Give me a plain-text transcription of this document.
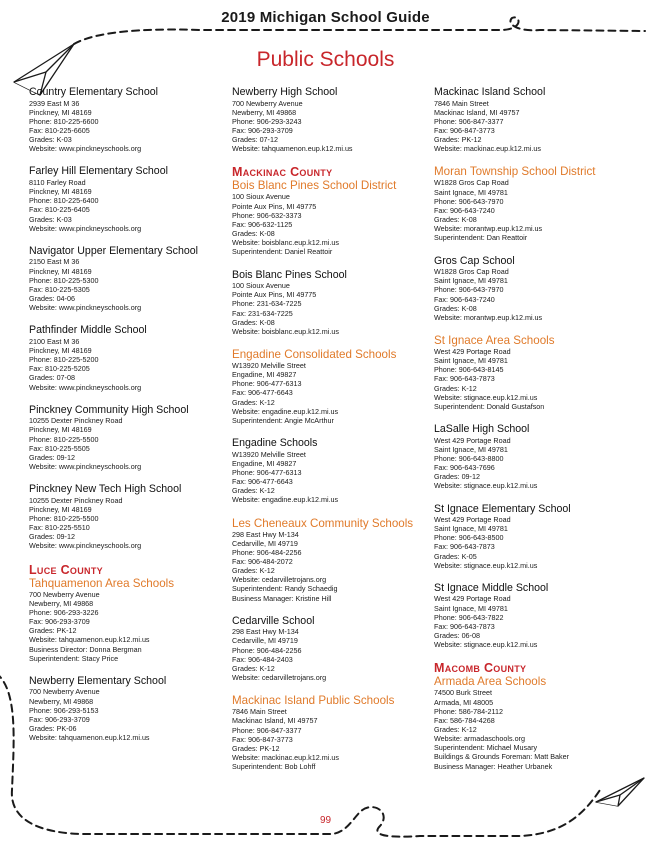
2019 Michigan School Guide
Public Schools
Country Elementary School
2939 East M 36
Pinckney, MI 48169
Phone: 810-225-6600
Fax: 810-225-6605
Grades: K-03
Website: www.pinckneyschools.org
Farley Hill Elementary School
8110 Farley Road
Pinckney, MI 48169
Phone: 810-225-6400
Fax: 810-225-6405
Grades: K-03
Website: www.pinckneyschools.org
Navigator Upper Elementary School
2150 East M 36
Pinckney, MI 48169
Phone: 810-225-5300
Fax: 810-225-5305
Grades: 04-06
Website: www.pinckneyschools.org
Pathfinder Middle School
2100 East M 36
Pinckney, MI 48169
Phone: 810-225-5200
Fax: 810-225-5205
Grades: 07-08
Website: www.pinckneyschools.org
Pinckney Community High School
10255 Dexter Pinckney Road
Pinckney, MI 48169
Phone: 810-225-5500
Fax: 810-225-5505
Grades: 09-12
Website: www.pinckneyschools.org
Pinckney New Tech High School
10255 Dexter Pinckney Road
Pinckney, MI 48169
Phone: 810-225-5500
Fax: 810-225-5510
Grades: 09-12
Website: www.pinckneyschools.org
Luce County
Tahquamenon Area Schools
700 Newberry Avenue
Newberry, MI 49868
Phone: 906-293-3226
Fax: 906-293-3709
Grades: PK-12
Website: tahquamenon.eup.k12.mi.us
Business Director: Donna Bergman
Superintendent: Stacy Price
Newberry Elementary School
700 Newberry Avenue
Newberry, MI 49868
Phone: 906-293-5153
Fax: 906-293-3709
Grades: PK-06
Website: tahquamenon.eup.k12.mi.us
Newberry High School
700 Newberry Avenue
Newberry, MI 49868
Phone: 906-293-3243
Fax: 906-293-3709
Grades: 07-12
Website: tahquamenon.eup.k12.mi.us
Mackinac County
Bois Blanc Pines School District
100 Sioux Avenue
Pointe Aux Pins, MI 49775
Phone: 906-632-3373
Fax: 906-632-1125
Grades: K-08
Website: boisblanc.eup.k12.mi.us
Superintendent: Daniel Reattoir
Bois Blanc Pines School
100 Sioux Avenue
Pointe Aux Pins, MI 49775
Phone: 231-634-7225
Fax: 231-634-7225
Grades: K-08
Website: boisblanc.eup.k12.mi.us
Engadine Consolidated Schools
W13920 Melville Street
Engadine, MI 49827
Phone: 906-477-6313
Fax: 906-477-6643
Grades: K-12
Website: engadine.eup.k12.mi.us
Superintendent: Angie McArthur
Engadine Schools
W13920 Melville Street
Engadine, MI 49827
Phone: 906-477-6313
Fax: 906-477-6643
Grades: K-12
Website: engadine.eup.k12.mi.us
Les Cheneaux Community Schools
298 East Hwy M-134
Cedarville, MI 49719
Phone: 906-484-2256
Fax: 906-484-2072
Grades: K-12
Website: cedarvilletrojans.org
Superintendent: Randy Schaedig
Business Manager: Kristine Hill
Cedarville School
298 East Hwy M-134
Cedarville, MI 49719
Phone: 906-484-2256
Fax: 906-484-2403
Grades: K-12
Website: cedarvilletrojans.org
Mackinac Island Public Schools
7846 Main Street
Mackinac Island, MI 49757
Phone: 906-847-3377
Fax: 906-847-3773
Grades: PK-12
Website: mackinac.eup.k12.mi.us
Superintendent: Bob Lohff
Mackinac Island School
7846 Main Street
Mackinac Island, MI 49757
Phone: 906-847-3377
Fax: 906-847-3773
Grades: PK-12
Website: mackinac.eup.k12.mi.us
Moran Township School District
W1828 Gros Cap Road
Saint Ignace, MI 49781
Phone: 906-643-7970
Fax: 906-643-7240
Grades: K-08
Website: morantwp.eup.k12.mi.us
Superintendent: Dan Reattoir
Gros Cap School
W1828 Gros Cap Road
Saint Ignace, MI 49781
Phone: 906-643-7970
Fax: 906-643-7240
Grades: K-08
Website: morantwp.eup.k12.mi.us
St Ignace Area Schools
West 429 Portage Road
Saint Ignace, MI 49781
Phone: 906-643-8145
Fax: 906-643-7873
Grades: K-12
Website: stignace.eup.k12.mi.us
Superintendent: Donald Gustafson
LaSalle High School
West 429 Portage Road
Saint Ignace, MI 49781
Phone: 906-643-8800
Fax: 906-643-7696
Grades: 09-12
Website: stignace.eup.k12.mi.us
St Ignace Elementary School
West 429 Portage Road
Saint Ignace, MI 49781
Phone: 906-643-8500
Fax: 906-643-7873
Grades: K-05
Website: stignace.eup.k12.mi.us
St Ignace Middle School
West 429 Portage Road
Saint Ignace, MI 49781
Phone: 906-643-7822
Fax: 906-643-7873
Grades: 06-08
Website: stignace.eup.k12.mi.us
Macomb County
Armada Area Schools
74500 Burk Street
Armada, MI 48005
Phone: 586-784-2112
Fax: 586-784-4268
Grades: K-12
Website: armadaschools.org
Superintendent: Michael Musary
Buildings & Grounds Foreman: Matt Baker
Business Manager: Heather Urbanek
99
